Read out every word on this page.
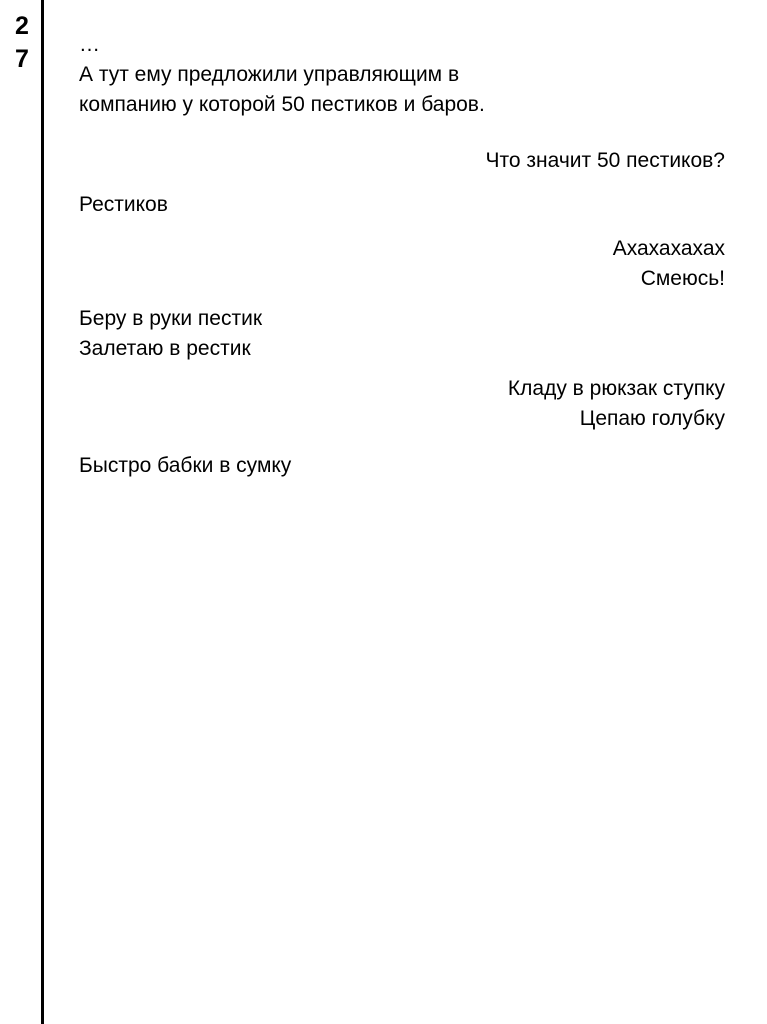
2
7
…
А тут ему предложили управляющим в
компанию у которой 50 пестиков и баров.
Что значит 50 пестиков?
Рестиков
Ахахахахах
Смеюсь!
Беру в руки пестик
Залетаю в рестик
Кладу в рюкзак ступку
Цепаю голубку
Быстро бабки в сумку
